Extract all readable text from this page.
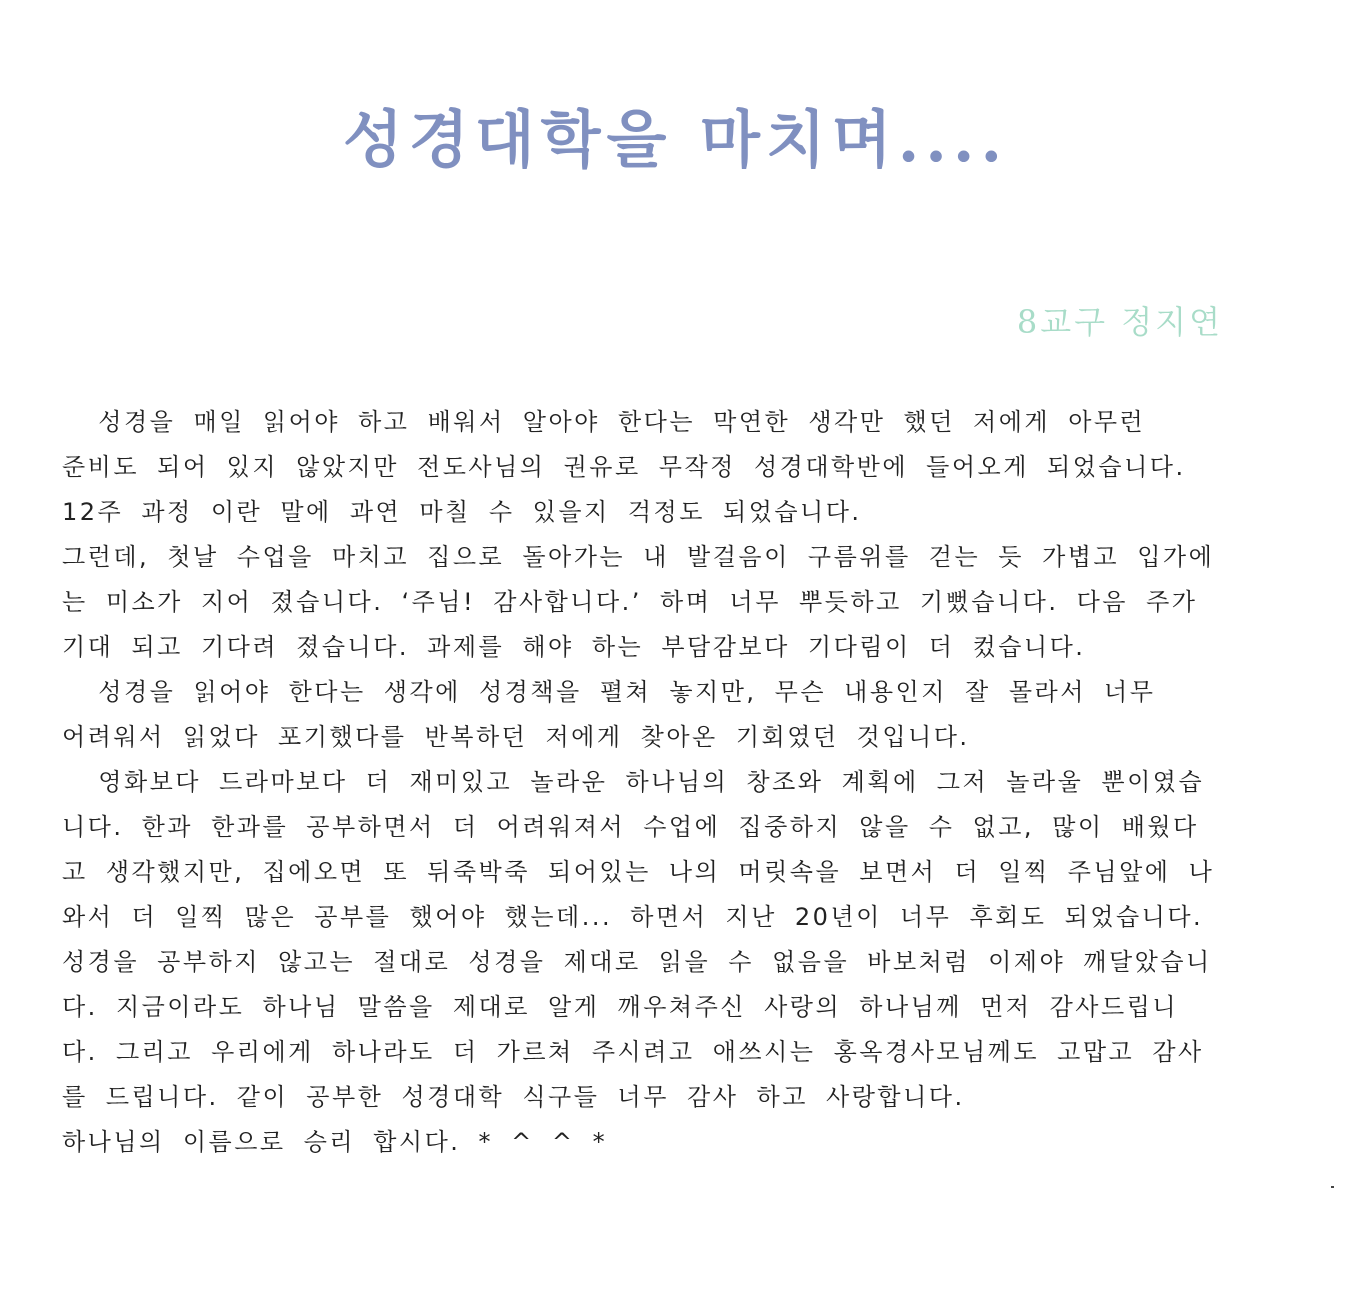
성경대학을 마치며....

8교구 정지연

성경을 매일 읽어야 하고 배워서 알아야 한다는 막연한 생각만 했던 저에게 아무런
준비도 되어 있지 않았지만 전도사님의 권유로 무작정 성경대학반에 들어오게 되었습니다.
12주 과정 이란 말에 과연 마칠 수 있을지 걱정도 되었습니다.
그런데, 첫날 수업을 마치고 집으로 돌아가는 내 발걸음이 구름위를 걷는 듯 가볍고 입가에
는 미소가 지어 졌습니다. ‘주님! 감사합니다.’ 하며 너무 뿌듯하고 기뻤습니다. 다음 주가
기대 되고 기다려 졌습니다. 과제를 해야 하는 부담감보다 기다림이 더 컸습니다.
성경을 읽어야 한다는 생각에 성경책을 펼쳐 놓지만, 무슨 내용인지 잘 몰라서 너무
어려워서 읽었다 포기했다를 반복하던 저에게 찾아온 기회였던 것입니다.
영화보다 드라마보다 더 재미있고 놀라운 하나님의 창조와 계획에 그저 놀라울 뿐이였습
니다. 한과 한과를 공부하면서 더 어려워져서 수업에 집중하지 않을 수 없고, 많이 배웠다
고 생각했지만, 집에오면 또 뒤죽박죽 되어있는 나의 머릿속을 보면서 더 일찍 주님앞에 나
와서 더 일찍 많은 공부를 했어야 했는데... 하면서 지난 20년이 너무 후회도 되었습니다.
성경을 공부하지 않고는 절대로 성경을 제대로 읽을 수 없음을 바보처럼 이제야 깨달았습니
다. 지금이라도 하나님 말씀을 제대로 알게 깨우쳐주신 사랑의 하나님께 먼저 감사드립니
다. 그리고 우리에게 하나라도 더 가르쳐 주시려고 애쓰시는 홍옥경사모님께도 고맙고 감사
를 드립니다. 같이 공부한 성경대학 식구들 너무 감사 하고 사랑합니다.
하나님의 이름으로 승리 합시다. * ^ ^ *
